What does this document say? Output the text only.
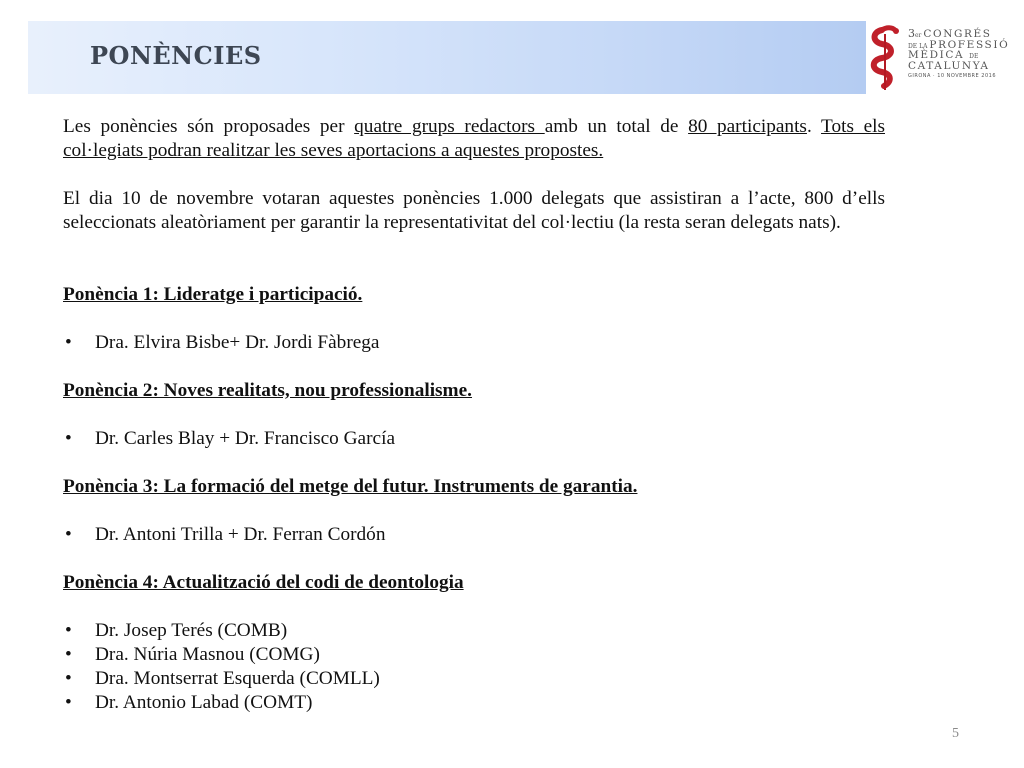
PONÈNCIES
3er CONGRÉS
DE LA PROFESSIÓ
MÈDICA DE
CATALUNYA
GIRONA · 10 NOVEMBRE 2016

Les ponències són proposades per quatre grups redactors amb un total de 80 participants. Tots els col·legiats podran realitzar les seves aportacions a aquestes propostes.

El dia 10 de novembre votaran aquestes ponències 1.000 delegats que assistiran a l’acte, 800 d’ells seleccionats aleatòriament per garantir la representativitat del col·lectiu (la resta seran delegats nats).

Ponència 1: Lideratge i participació.

• Dra. Elvira Bisbe+ Dr. Jordi Fàbrega

Ponència 2: Noves realitats, nou professionalisme.

• Dr. Carles Blay + Dr. Francisco García

Ponència 3: La formació del metge del futur. Instruments de garantia.

• Dr. Antoni Trilla + Dr. Ferran Cordón

Ponència 4: Actualització del codi de deontologia

• Dr. Josep Terés (COMB)
• Dra. Núria Masnou (COMG)
• Dra. Montserrat Esquerda (COMLL)
• Dr. Antonio Labad (COMT)
5
